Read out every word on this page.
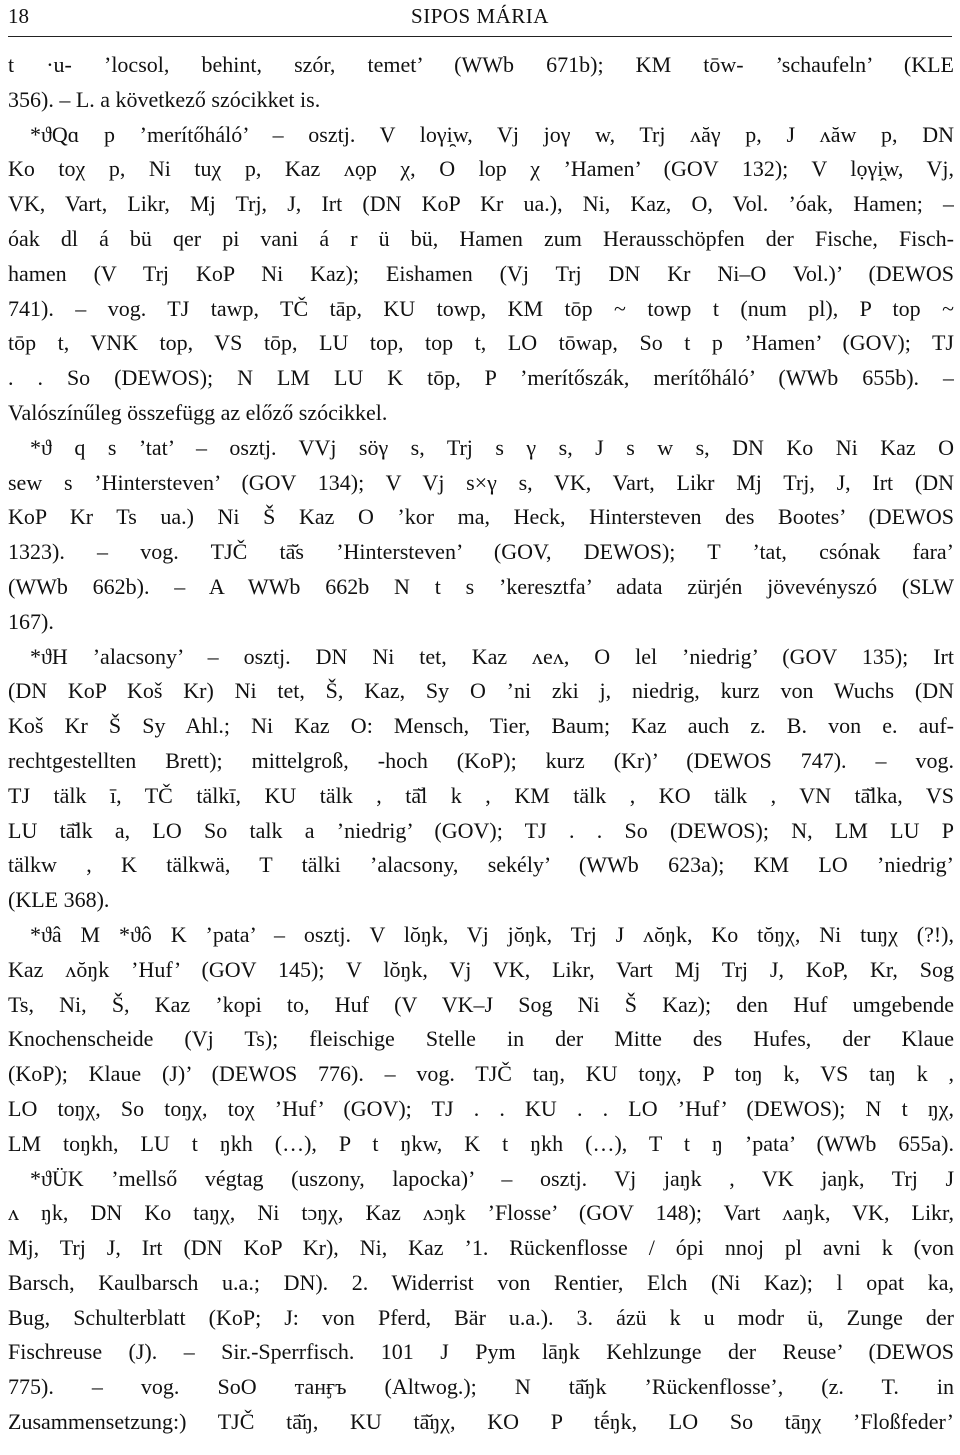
18	SIPOS MÁRIA
t ·u- ’locsol, behint, szór, temet’ (WWb 671b); KM tōw- ’schaufeln’ (KLE
356). – L. a következő szócikket is.
*ϑQɑ p ’merítőháló’ – osztj. V loγi̯w, Vj joγ w, Trj ʌăγ p, J ʌăw p, DN
Ko toχ p, Ni tuχ p, Kaz ʌọp χ, O lop χ ’Hamen’ (GOV 132); V lọγi̯w, Vj,
VK, Vart, Likr, Mj Trj, J, Irt (DN KoP Kr ua.), Ni, Kaz, O, Vol. ’óak, Hamen; –
óak dl á bü qer pi vani á r ü bü, Hamen zum Herausschöpfen der Fische, Fisch-
hamen (V Trj KoP Ni Kaz); Eishamen (Vj Trj DN Kr Ni–O Vol.)’ (DEWOS
741). – vog. TJ tawp, TČ tāp, KU towp, KM tōp ~ towp t (num pl), P top ~
tōp t, VNK top, VS tōp, LU top, top t, LO tōwap, So t p ’Hamen’ (GOV); TJ
. . So (DEWOS); N LM LU K tōp, P ’merítőszák, merítőháló’ (WWb 655b). –
Valószínűleg összefügg az előző szócikkel.
*ϑ q s ’tat’ – osztj. VVj söγ s, Trj s γ s, J s w s, DN Ko Ni Kaz O
sew s ’Hintersteven’ (GOV 134); V Vj s×γ s, VK, Vart, Likr Mj Trj, J, Irt (DN
KoP Kr Ts ua.) Ni Š Kaz O ’kor ma, Heck, Hintersteven des Bootes’ (DEWOS
1323). – vog. TJČ tā̆s ’Hintersteven’ (GOV, DEWOS); T ’tat, csónak fara’
(WWb 662b). – A WWb 662b N t s ’keresztfa’ adata zürjén jövevényszó (SLW
167).
*ϑH ’alacsony’ – osztj. DN Ni tet, Kaz ʌeʌ, O lel ’niedrig’ (GOV 135); Irt
(DN KoP Koš Kr) Ni tet, Š, Kaz, Sy O ’ni zki j, niedrig, kurz von Wuchs (DN
Koš Kr Š Sy Ahl.; Ni Kaz O: Mensch, Tier, Baum; Kaz auch z. B. von e. auf-
rechtgestellten Brett); mittelgroß, -hoch (KoP); kurz (Kr)’ (DEWOS 747). – vog.
TJ tälk ī, TČ tälkī, KU tälk , tā̆l k , KM tälk , KO tälk , VN tā̆lka, VS
LU tā̆lk a, LO So talk a ’niedrig’ (GOV); TJ . . So (DEWOS); N, LM LU P
tälkw , K tälkwä, T tälki ’alacsony, sekély’ (WWb 623a); KM LO ’niedrig’
(KLE 368).
*ϑâ M *ϑô K ’pata’ – osztj. V lŏŋk, Vj jŏŋk, Trj J ʌŏŋk, Ko tŏŋχ, Ni tuŋχ (?!),
Kaz ʌŏŋk ’Huf’ (GOV 145); V lŏŋk, Vj VK, Likr, Vart Mj Trj J, KoP, Kr, Sog
Ts, Ni, Š, Kaz ’kopi to, Huf (V VK–J Sog Ni Š Kaz); den Huf umgebende
Knochenscheide (Vj Ts); fleischige Stelle in der Mitte des Hufes, der Klaue
(KoP); Klaue (J)’ (DEWOS 776). – vog. TJČ taŋ, KU toŋχ, P toŋ k, VS taŋ k ,
LO toŋχ, So toŋχ, toχ ’Huf’ (GOV); TJ . . KU . . LO ’Huf’ (DEWOS); N t ŋχ,
LM toŋkh, LU t ŋkh (…), P t ŋkw, K t ŋkh (…), T t ŋ ’pata’ (WWb 655a).
*ϑÜK ’mellső végtag (uszony, lapocka)’ – osztj. Vj jaŋk , VK jaŋk, Trj J
ʌ ŋk, DN Ko taŋχ, Ni tɔŋχ, Kaz ʌɔŋk ’Flosse’ (GOV 148); Vart ʌaŋk, VK, Likr,
Mj, Trj J, Irt (DN KoP Kr), Ni, Kaz ’1. Rückenflosse / ópi nnoj pl avni k (von
Barsch, Kaulbarsch u.a.; DN). 2. Widerrist von Rentier, Elch (Ni Kaz); l opat ka,
Bug, Schulterblatt (KoP; J: von Pferd, Bär u.a.). 3. ázü k u modr ü, Zunge der
Fischreuse (J). – Sir.-Sperrfisch. 101 J Pym lāŋk Kehlzunge der Reuse’ (DEWOS
775). – vog. SoO танӻъ (Altwog.); N tā̆ŋk ’Rückenflosse’, (z. T. in
Zusammensetzung:) TJČ tā̆ŋ, KU tā̆ŋχ, KO P tḗŋk, LO So tāŋχ ’Floßfeder’
